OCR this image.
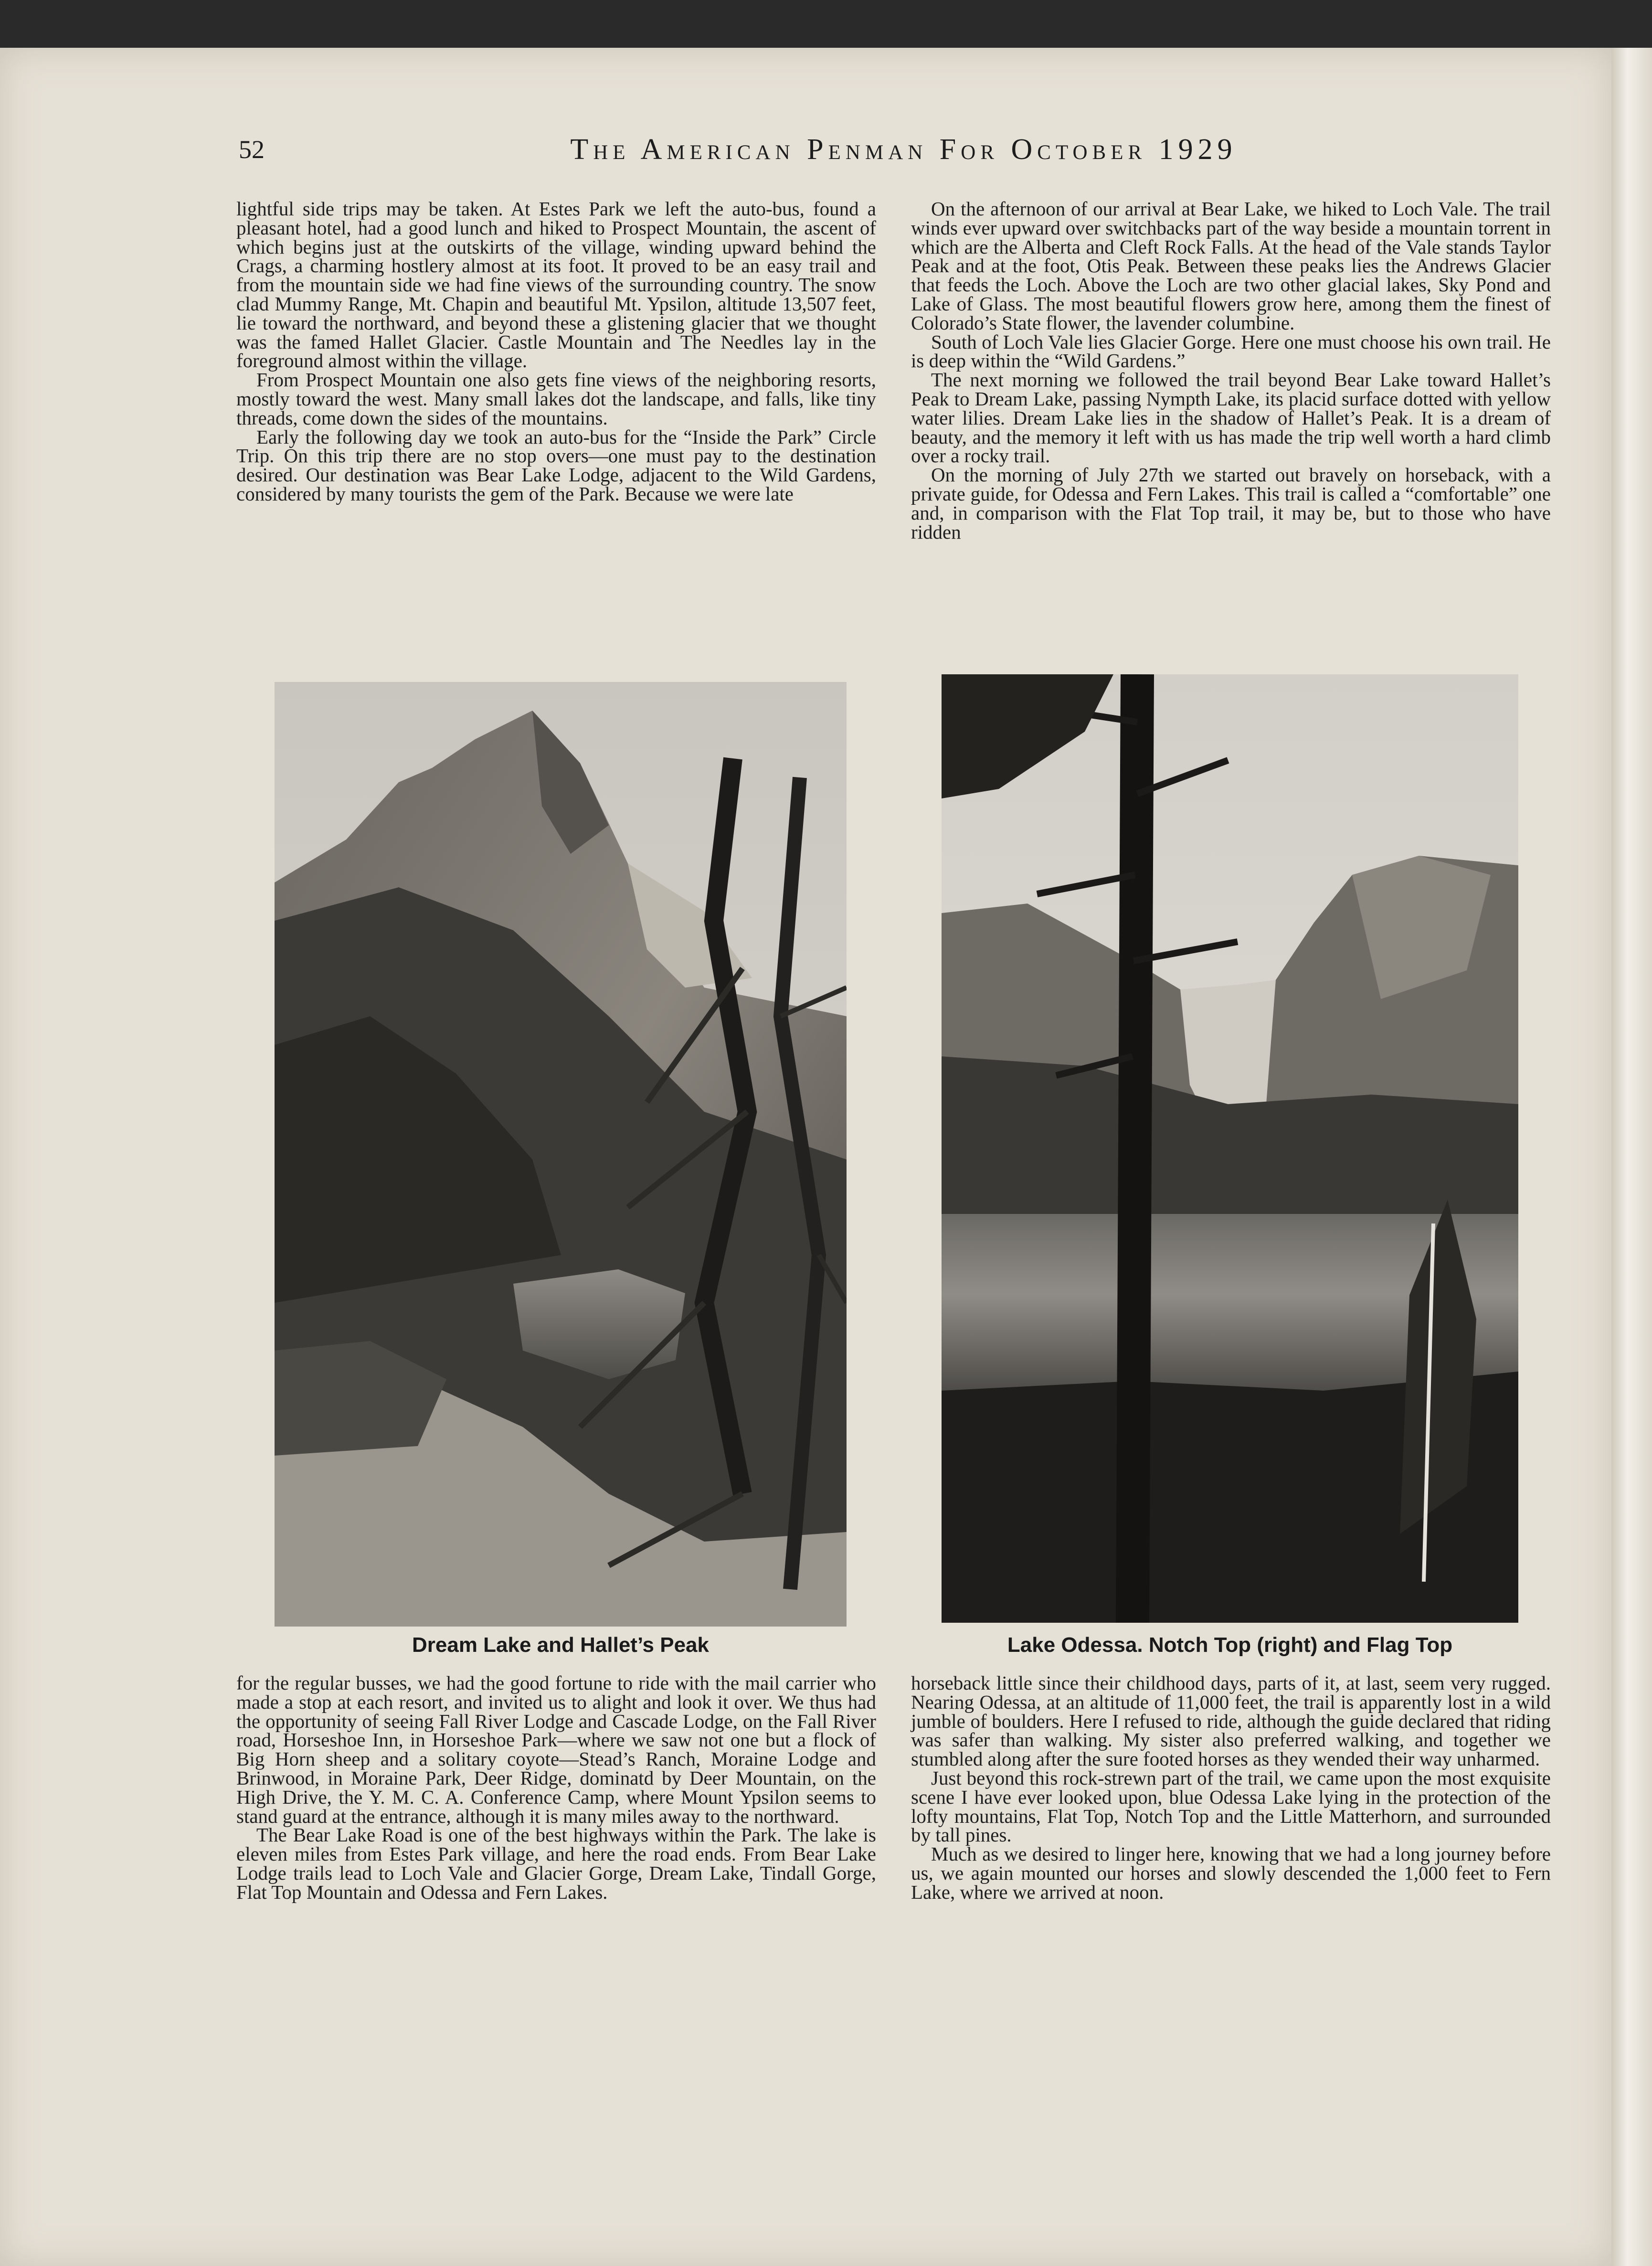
52	The American Penman For October 1929

lightful side trips may be taken. At Estes Park we left the auto-bus, found a pleasant hotel, had a good lunch and hiked to Prospect Mountain, the ascent of which begins just at the outskirts of the village, winding upward behind the Crags, a charming hostlery almost at its foot. It proved to be an easy trail and from the mountain side we had fine views of the surrounding country. The snow clad Mummy Range, Mt. Chapin and beautiful Mt. Ypsilon, altitude 13,507 feet, lie toward the northward, and beyond these a glistening glacier that we thought was the famed Hallet Glacier. Castle Mountain and The Needles lay in the foreground almost within the village.

From Prospect Mountain one also gets fine views of the neighboring resorts, mostly toward the west. Many small lakes dot the landscape, and falls, like tiny threads, come down the sides of the mountains.

Early the following day we took an auto-bus for the “Inside the Park” Circle Trip. On this trip there are no stop overs—one must pay to the destination desired. Our destination was Bear Lake Lodge, adjacent to the Wild Gardens, considered by many tourists the gem of the Park. Because we were late

On the afternoon of our arrival at Bear Lake, we hiked to Loch Vale. The trail winds ever upward over switchbacks part of the way beside a mountain torrent in which are the Alberta and Cleft Rock Falls. At the head of the Vale stands Taylor Peak and at the foot, Otis Peak. Between these peaks lies the Andrews Glacier that feeds the Loch. Above the Loch are two other glacial lakes, Sky Pond and Lake of Glass. The most beautiful flowers grow here, among them the finest of Colorado’s State flower, the lavender columbine.

South of Loch Vale lies Glacier Gorge. Here one must choose his own trail. He is deep within the “Wild Gardens.”

The next morning we followed the trail beyond Bear Lake toward Hallet’s Peak to Dream Lake, passing Nympth Lake, its placid surface dotted with yellow water lilies. Dream Lake lies in the shadow of Hallet’s Peak. It is a dream of beauty, and the memory it left with us has made the trip well worth a hard climb over a rocky trail.

On the morning of July 27th we started out bravely on horseback, with a private guide, for Odessa and Fern Lakes. This trail is called a “comfortable” one and, in comparison with the Flat Top trail, it may be, but to those who have ridden

Dream Lake and Hallet’s Peak	Lake Odessa. Notch Top (right) and Flag Top

for the regular busses, we had the good fortune to ride with the mail carrier who made a stop at each resort, and invited us to alight and look it over. We thus had the opportunity of seeing Fall River Lodge and Cascade Lodge, on the Fall River road, Horseshoe Inn, in Horseshoe Park—where we saw not one but a flock of Big Horn sheep and a solitary coyote—Stead’s Ranch, Moraine Lodge and Brinwood, in Moraine Park, Deer Ridge, dominatd by Deer Mountain, on the High Drive, the Y. M. C. A. Conference Camp, where Mount Ypsilon seems to stand guard at the entrance, although it is many miles away to the northward.

The Bear Lake Road is one of the best highways within the Park. The lake is eleven miles from Estes Park village, and here the road ends. From Bear Lake Lodge trails lead to Loch Vale and Glacier Gorge, Dream Lake, Tindall Gorge, Flat Top Mountain and Odessa and Fern Lakes.

horseback little since their childhood days, parts of it, at last, seem very rugged. Nearing Odessa, at an altitude of 11,000 feet, the trail is apparently lost in a wild jumble of boulders. Here I refused to ride, although the guide declared that riding was safer than walking. My sister also preferred walking, and together we stumbled along after the sure footed horses as they wended their way unharmed.

Just beyond this rock-strewn part of the trail, we came upon the most exquisite scene I have ever looked upon, blue Odessa Lake lying in the protection of the lofty mountains, Flat Top, Notch Top and the Little Matterhorn, and surrounded by tall pines.

Much as we desired to linger here, knowing that we had a long journey before us, we again mounted our horses and slowly descended the 1,000 feet to Fern Lake, where we arrived at noon.
